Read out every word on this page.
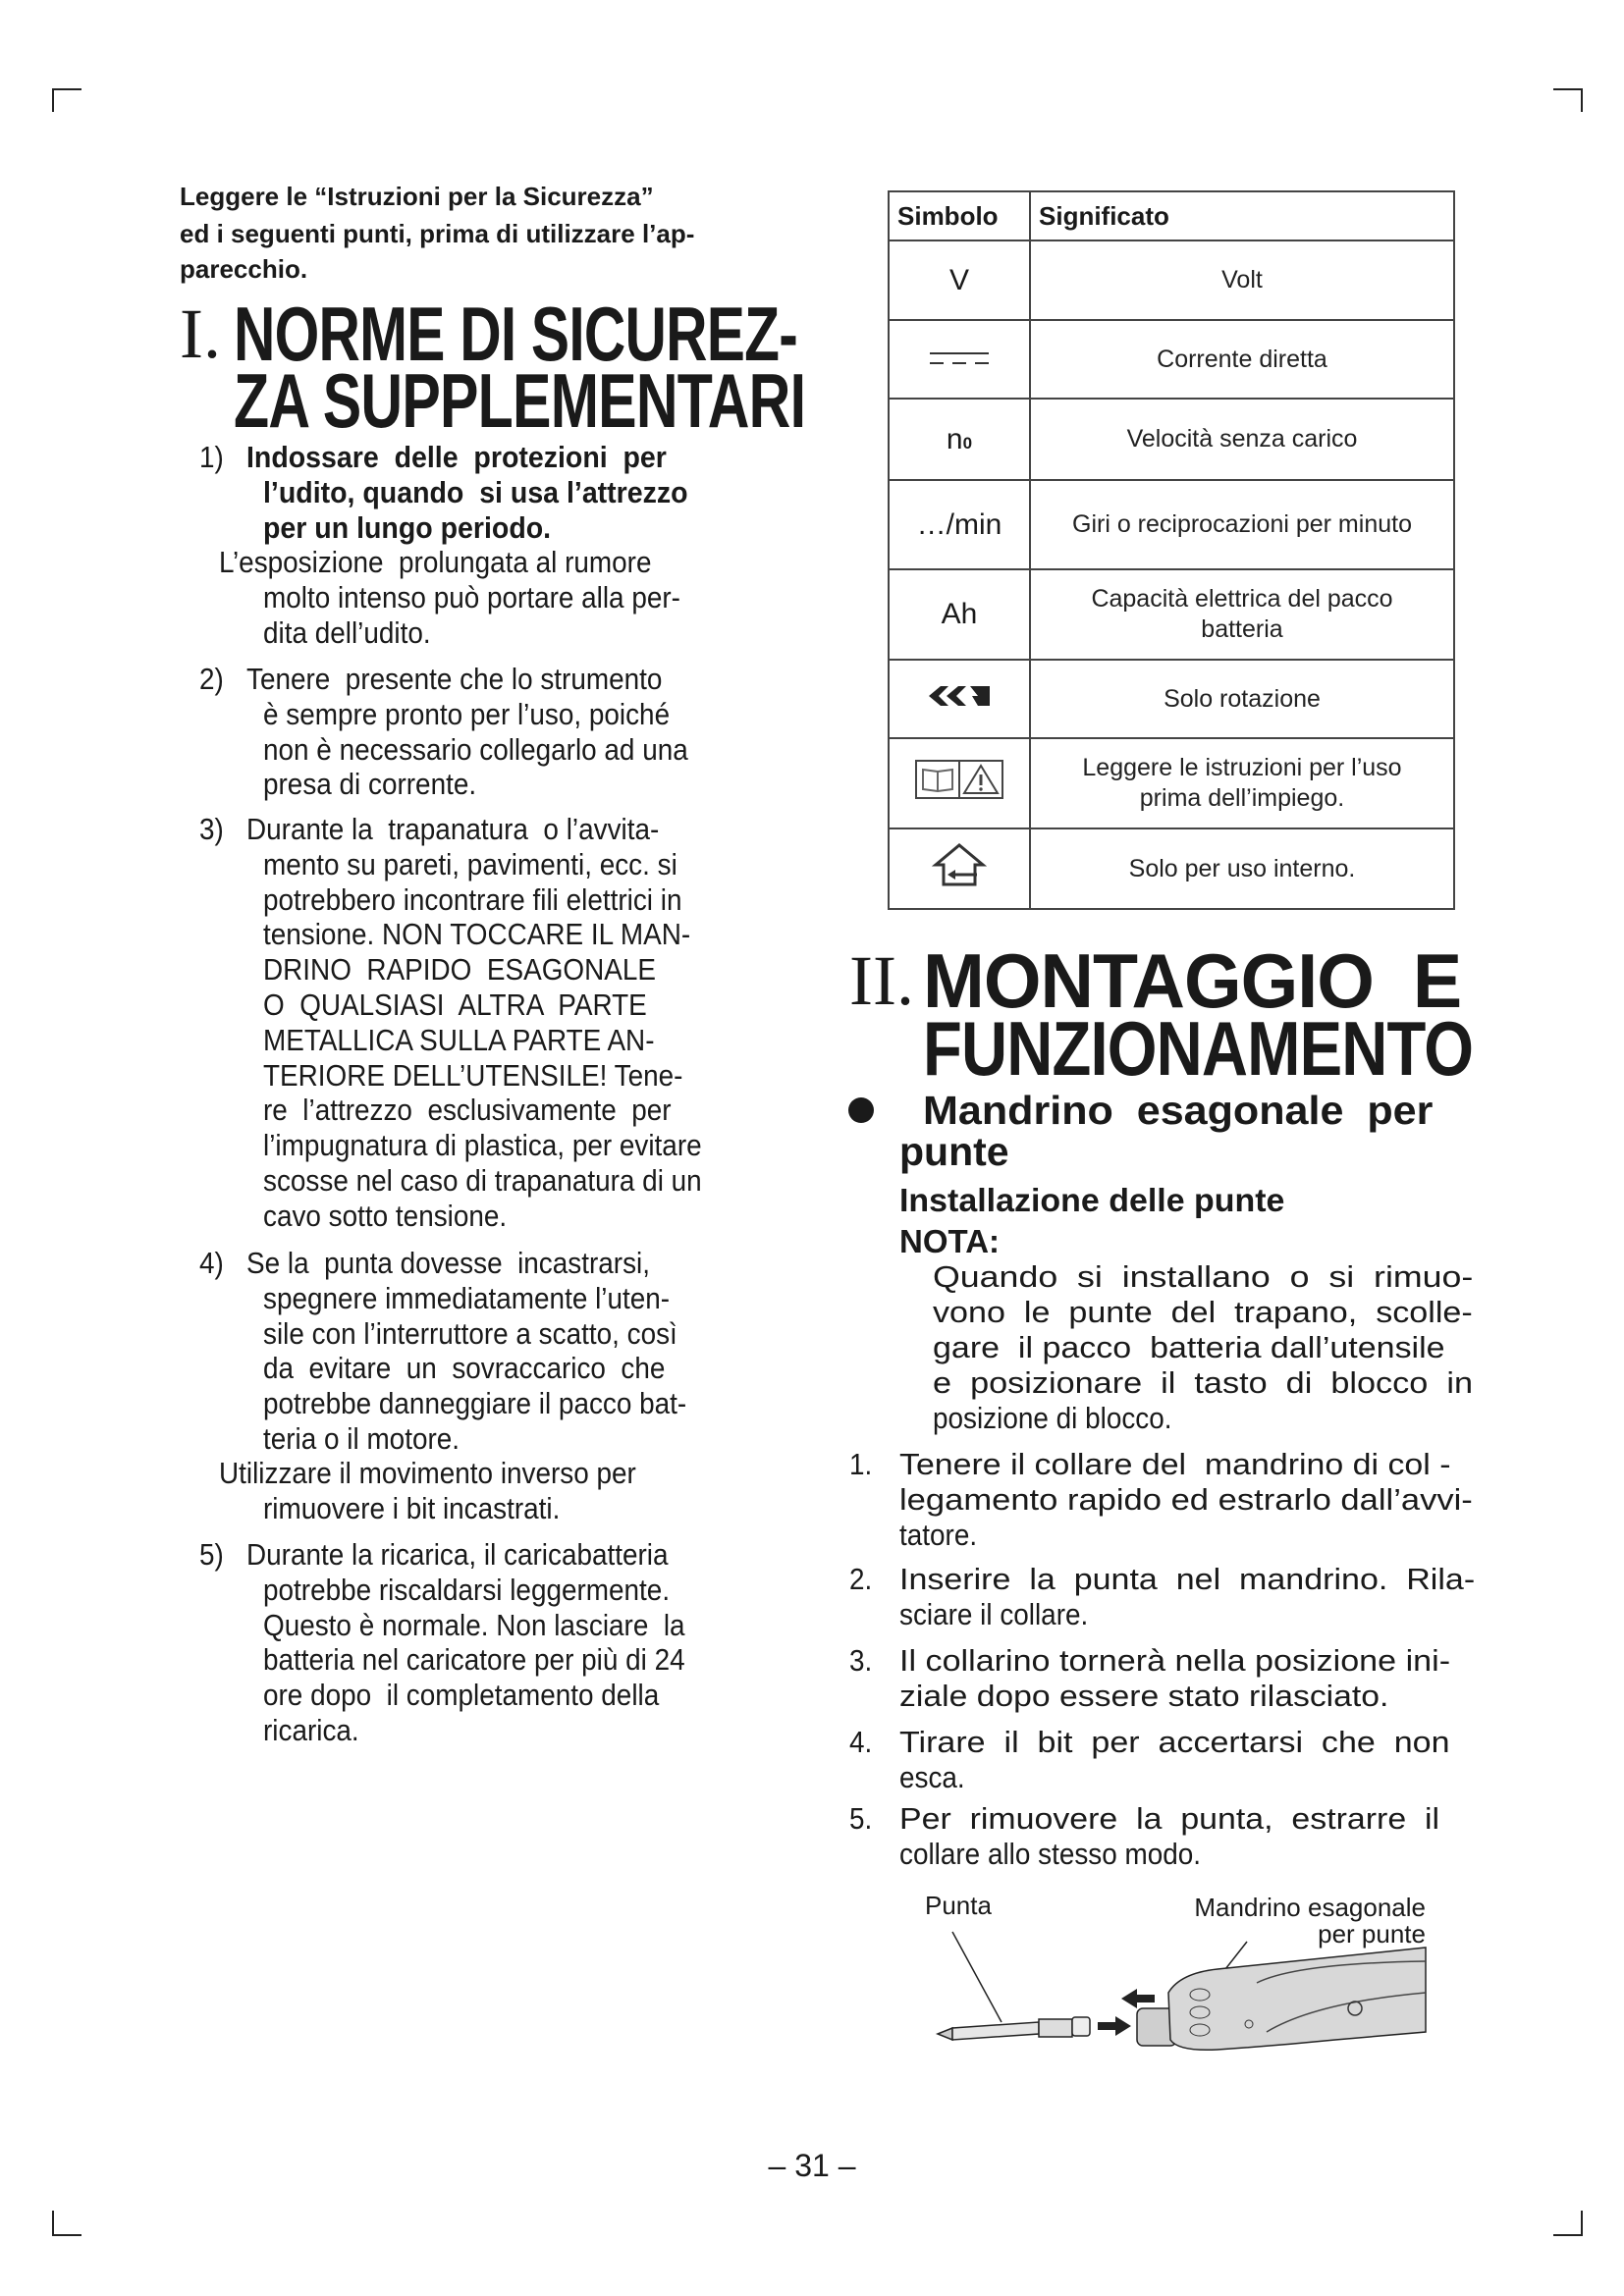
Leggere le “Istruzioni per la Sicurezza”
ed i seguenti punti, prima di utilizzare l’ap-
parecchio.
I. NORME DI SICUREZ-
ZA SUPPLEMENTARI
1) Indossare  delle  protezioni  per
l’udito, quando  si usa l’attrezzo
per un lungo periodo.
L’esposizione  prolungata al rumore
molto intenso può portare alla per-
dita dell’udito.
2) Tenere  presente che lo strumento
è sempre pronto per l’uso, poiché
non è necessario collegarlo ad una
presa di corrente.
3) Durante la  trapanatura  o l’avvita-
mento su pareti, pavimenti, ecc. si
potrebbero incontrare fili elettrici in
tensione. NON TOCCARE IL MAN-
DRINO  RAPIDO  ESAGONALE
O  QUALSIASI  ALTRA  PARTE
METALLICA SULLA PARTE AN-
TERIORE DELL’UTENSILE! Tene-
re  l’attrezzo  esclusivamente  per
l’impugnatura di plastica, per evitare
scosse nel caso di trapanatura di un
cavo sotto tensione.
4) Se la  punta dovesse  incastrarsi,
spegnere immediatamente l’uten-
sile con l’interruttore a scatto, così
da  evitare  un  sovraccarico  che
potrebbe danneggiare il pacco bat-
teria o il motore.
Utilizzare il movimento inverso per
rimuovere i bit incastrati.
5) Durante la ricarica, il caricabatteria
potrebbe riscaldarsi leggermente.
Questo è normale. Non lasciare  la
batteria nel caricatore per più di 24
ore dopo  il completamento della
ricarica.
II. MONTAGGIO  E
FUNZIONAMENTO
Mandrino  esagonale  per
punte
Installazione delle punte
NOTA:
Quando  si  installano  o  si  rimuo-
vono  le  punte  del  trapano,  scolle-
gare  il pacco  batteria dall’utensile
e  posizionare  il  tasto  di  blocco  in
posizione di blocco.
1. Tenere il collare del  mandrino di col -
legamento rapido ed estrarlo dall’avvi-
tatore.
2. Inserire  la  punta  nel  mandrino.  Rila-
sciare il collare.
3. Il collarino tornerà nella posizione ini-
ziale dopo essere stato rilasciato.
4. Tirare  il  bit  per  accertarsi  che  non
esca.
5. Per  rimuovere  la  punta,  estrarre  il
collare allo stesso modo.
Simbolo	Significato
V	Volt
	Corrente diretta
n0	Velocità senza carico
…/min	Giri o reciprocazioni per minuto
Ah	Capacità elettrica del pacco
batteria

	Solo rotazione

Leggere le istruzioni per l’uso
prima dell’impiego.

	Solo per uso interno.
Punta	Mandrino esagonale
per punte
– 31 –
